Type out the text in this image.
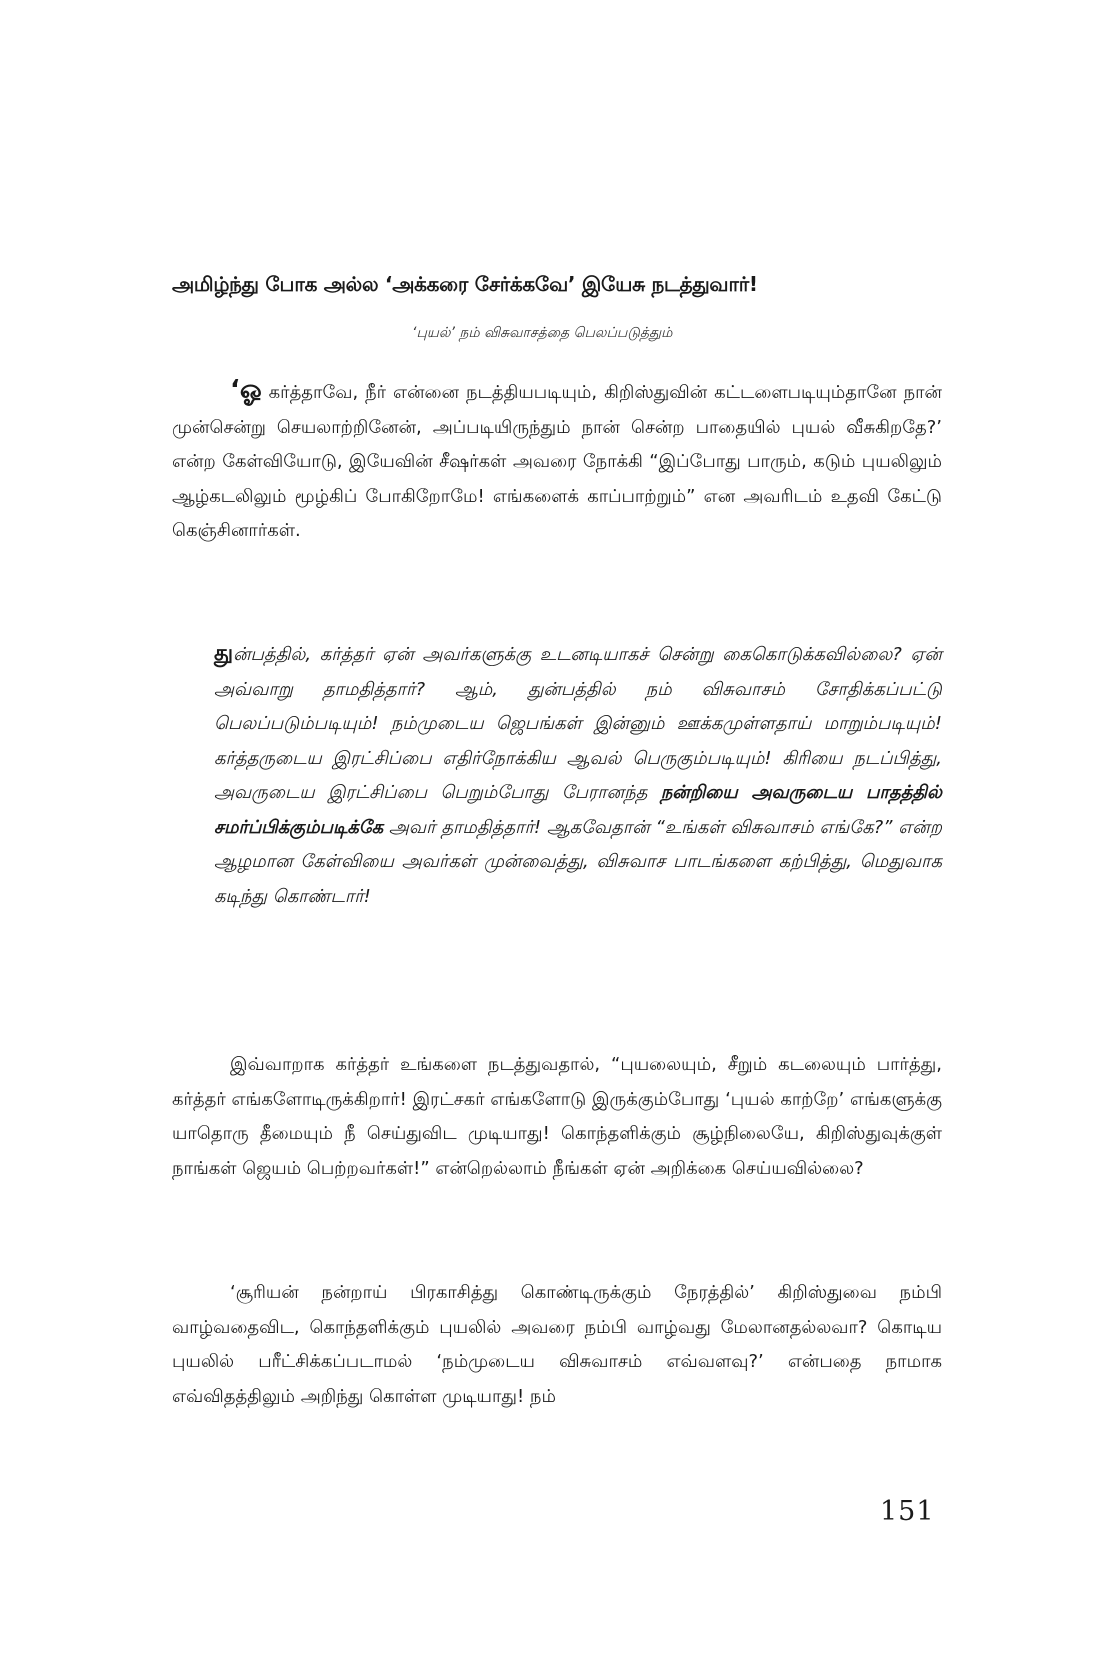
அமிழ்ந்து போக அல்ல ‘அக்கரை சேர்க்கவே’ இயேசு நடத்துவார்!

‘புயல்’ நம் விசுவாசத்தை பெலப்படுத்தும்

‘ஓ கர்த்தாவே, நீர் என்னை நடத்தியபடியும், கிறிஸ்துவின் கட்டளைபடியும்தானே நான் முன்சென்று செயலாற்றினேன், அப்படியிருந்தும் நான் சென்ற பாதையில் புயல் வீசுகிறதே?’ என்ற கேள்வியோடு, இயேவின் சீஷர்கள் அவரை நோக்கி “இப்போது பாரும், கடும் புயலிலும் ஆழ்கடலிலும் மூழ்கிப் போகிறோமே! எங்களைக் காப்பாற்றும்” என அவரிடம் உதவி கேட்டு கெஞ்சினார்கள்.

துன்பத்தில், கர்த்தர் ஏன் அவர்களுக்கு உடனடியாகச் சென்று கைகொடுக்கவில்லை? ஏன் அவ்வாறு தாமதித்தார்? ஆம், துன்பத்தில் நம் விசுவாசம் சோதிக்கப்பட்டு பெலப்படும்படியும்! நம்முடைய ஜெபங்கள் இன்னும் ஊக்கமுள்ளதாய் மாறும்படியும்! கர்த்தருடைய இரட்சிப்பை எதிர்நோக்கிய ஆவல் பெருகும்படியும்! கிரியை நடப்பித்து, அவருடைய இரட்சிப்பை பெறும்போது பேரானந்த நன்றியை அவருடைய பாதத்தில் சமர்ப்பிக்கும்படிக்கே அவர் தாமதித்தார்! ஆகவேதான் “உங்கள் விசுவாசம் எங்கே?” என்ற ஆழமான கேள்வியை அவர்கள் முன்வைத்து, விசுவாச பாடங்களை கற்பித்து, மெதுவாக கடிந்து கொண்டார்!

இவ்வாறாக கர்த்தர் உங்களை நடத்துவதால், “புயலையும், சீறும் கடலையும் பார்த்து, கர்த்தர் எங்களோடிருக்கிறார்! இரட்சகர் எங்களோடு இருக்கும்போது ‘புயல் காற்றே’ எங்களுக்கு யாதொரு தீமையும் நீ செய்துவிட முடியாது! கொந்தளிக்கும் சூழ்நிலையே, கிறிஸ்துவுக்குள் நாங்கள் ஜெயம் பெற்றவர்கள்!” என்றெல்லாம் நீங்கள் ஏன் அறிக்கை செய்யவில்லை?

‘சூரியன் நன்றாய் பிரகாசித்து கொண்டிருக்கும் நேரத்தில்’ கிறிஸ்துவை நம்பி வாழ்வதைவிட, கொந்தளிக்கும் புயலில் அவரை நம்பி வாழ்வது மேலானதல்லவா? கொடிய புயலில் பரீட்சிக்கப்படாமல் ‘நம்முடைய விசுவாசம் எவ்வளவு?’ என்பதை நாமாக எவ்விதத்திலும் அறிந்து கொள்ள முடியாது! நம்

151
